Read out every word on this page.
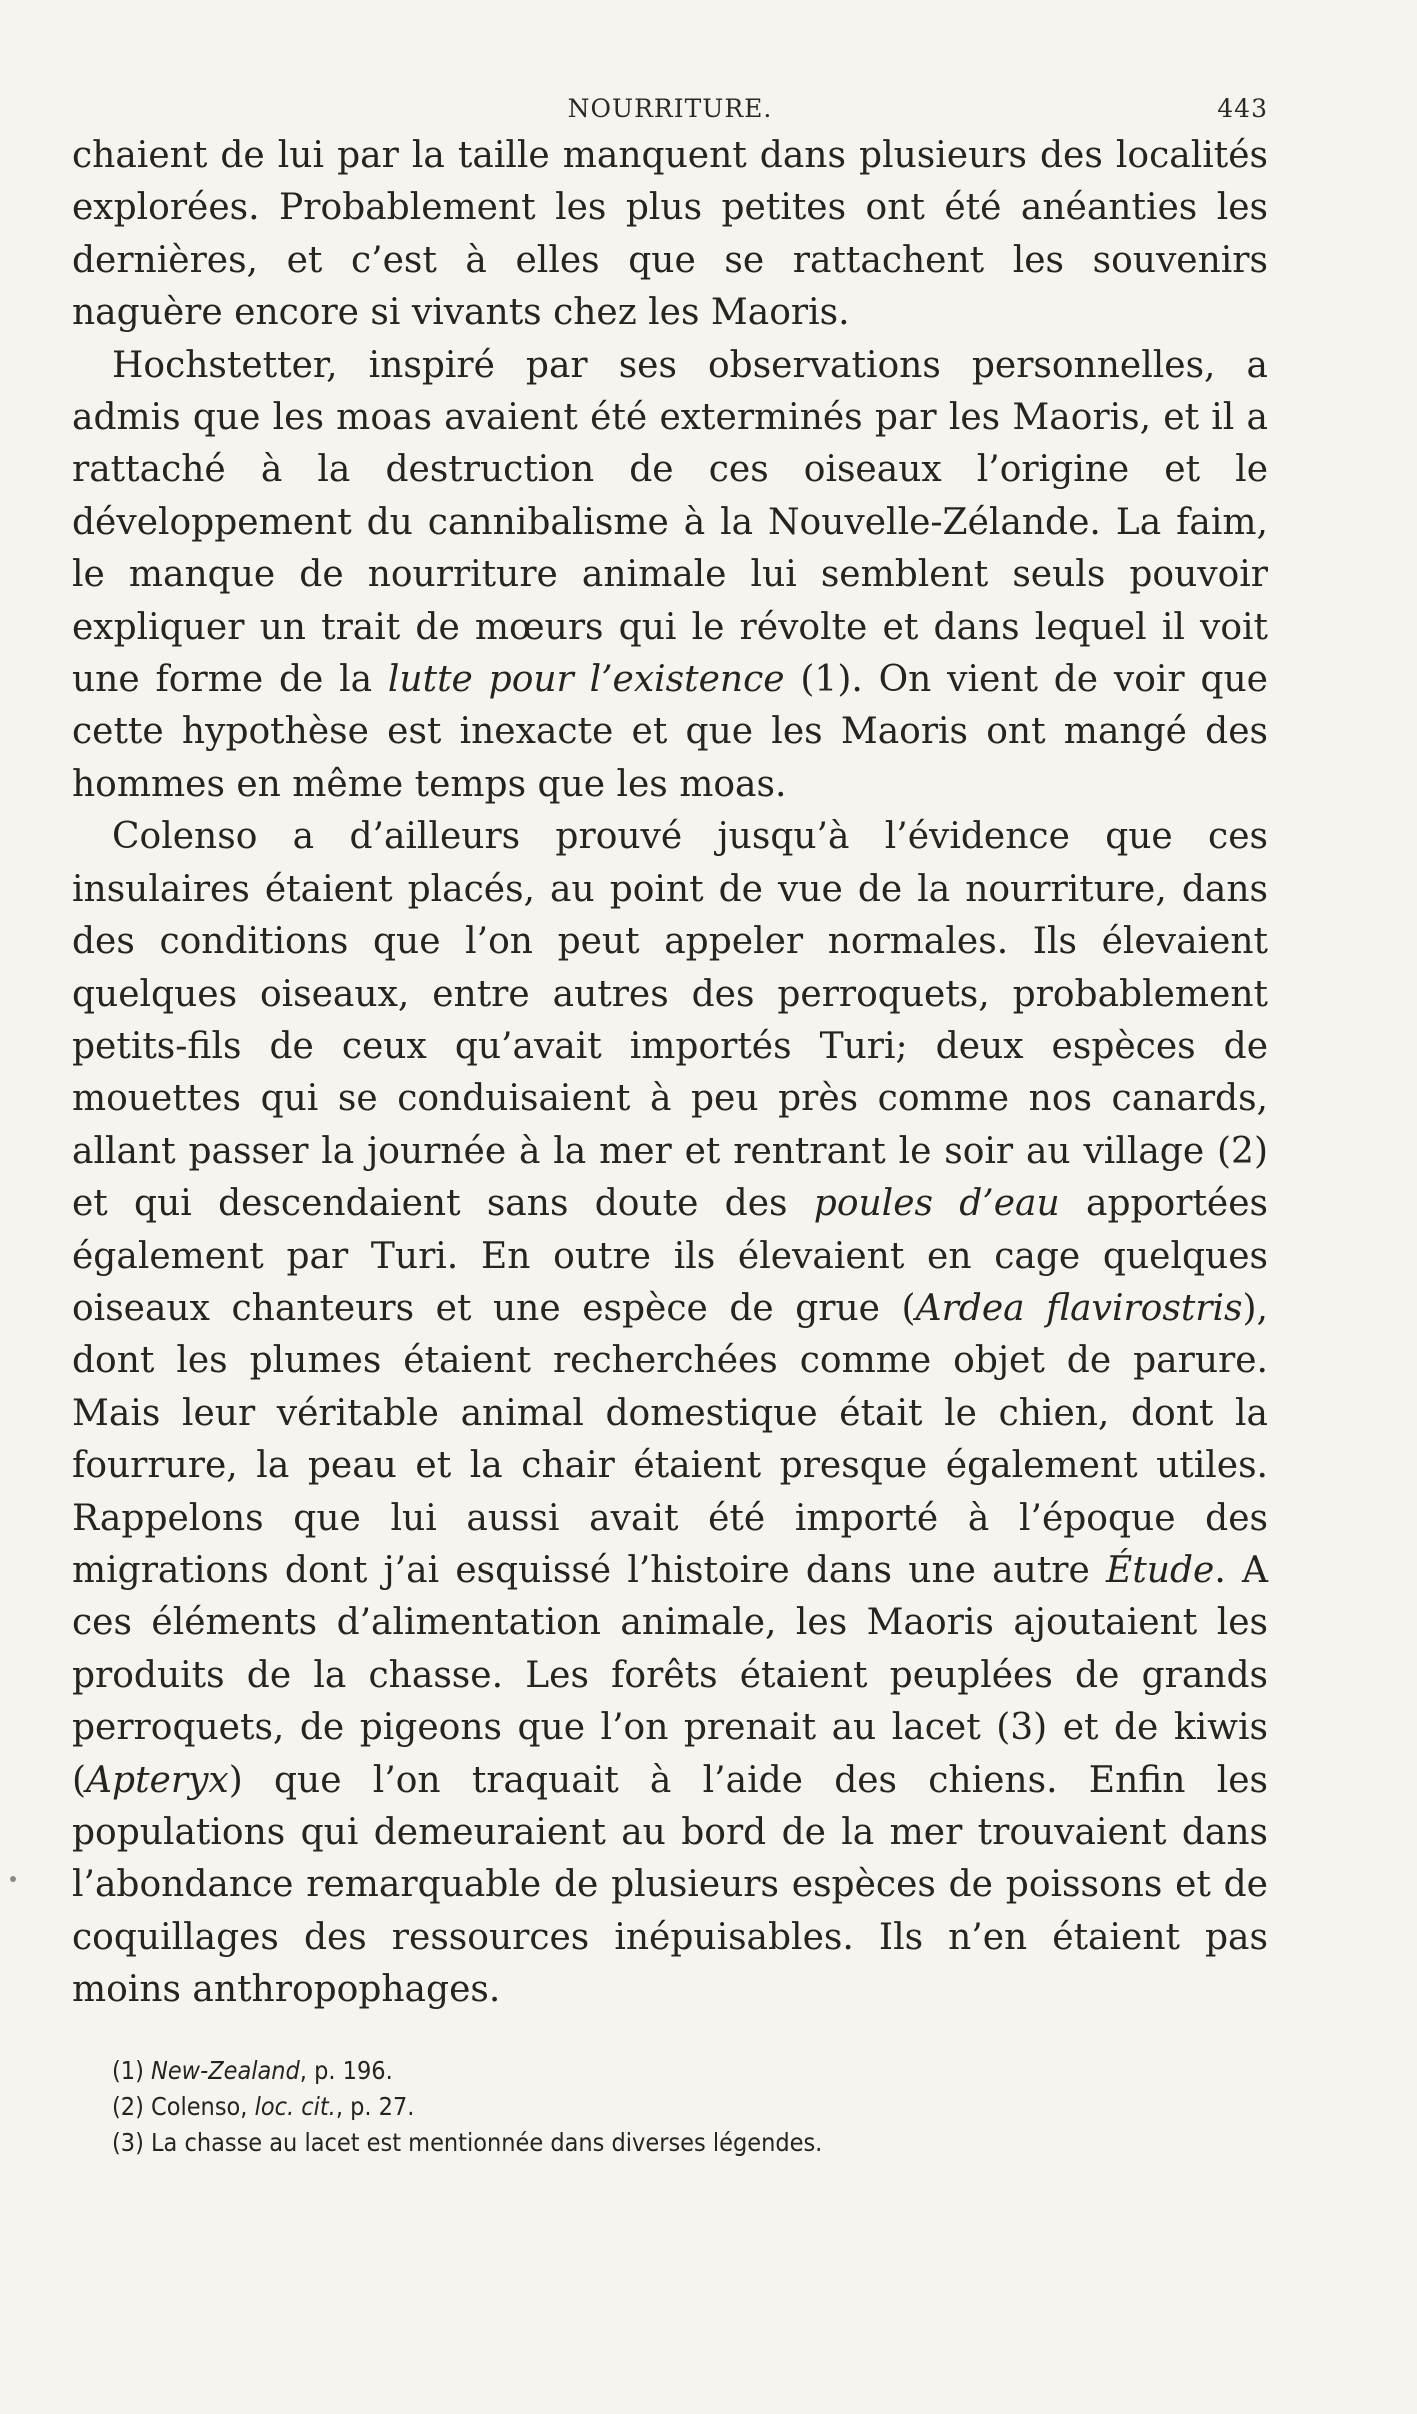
NOURRITURE.	443

chaient de lui par la taille manquent dans plusieurs des localités explorées. Probablement les plus petites ont été anéanties les dernières, et c’est à elles que se rattachent les souvenirs naguère encore si vivants chez les Maoris.

Hochstetter, inspiré par ses observations personnelles, a admis que les moas avaient été exterminés par les Maoris, et il a rattaché à la destruction de ces oiseaux l’origine et le développement du cannibalisme à la Nouvelle-Zélande. La faim, le manque de nourriture animale lui semblent seuls pouvoir expliquer un trait de mœurs qui le révolte et dans lequel il voit une forme de la lutte pour l’existence (1). On vient de voir que cette hypothèse est inexacte et que les Maoris ont mangé des hommes en même temps que les moas.

Colenso a d’ailleurs prouvé jusqu’à l’évidence que ces insulaires étaient placés, au point de vue de la nourriture, dans des conditions que l’on peut appeler normales. Ils élevaient quelques oiseaux, entre autres des perroquets, probablement petits-fils de ceux qu’avait importés Turi; deux espèces de mouettes qui se conduisaient à peu près comme nos canards, allant passer la journée à la mer et rentrant le soir au village (2) et qui descendaient sans doute des poules d’eau apportées également par Turi. En outre ils élevaient en cage quelques oiseaux chanteurs et une espèce de grue (Ardea flavirostris), dont les plumes étaient recherchées comme objet de parure. Mais leur véritable animal domestique était le chien, dont la fourrure, la peau et la chair étaient presque également utiles. Rappelons que lui aussi avait été importé à l’époque des migrations dont j’ai esquissé l’histoire dans une autre Étude. A ces éléments d’alimentation animale, les Maoris ajoutaient les produits de la chasse. Les forêts étaient peuplées de grands perroquets, de pigeons que l’on prenait au lacet (3) et de kiwis (Apteryx) que l’on traquait à l’aide des chiens. Enfin les populations qui demeuraient au bord de la mer trouvaient dans l’abondance remarquable de plusieurs espèces de poissons et de coquillages des ressources inépuisables. Ils n’en étaient pas moins anthropophages.

(1) New-Zealand, p. 196.
(2) Colenso, loc. cit., p. 27.
(3) La chasse au lacet est mentionnée dans diverses légendes.
